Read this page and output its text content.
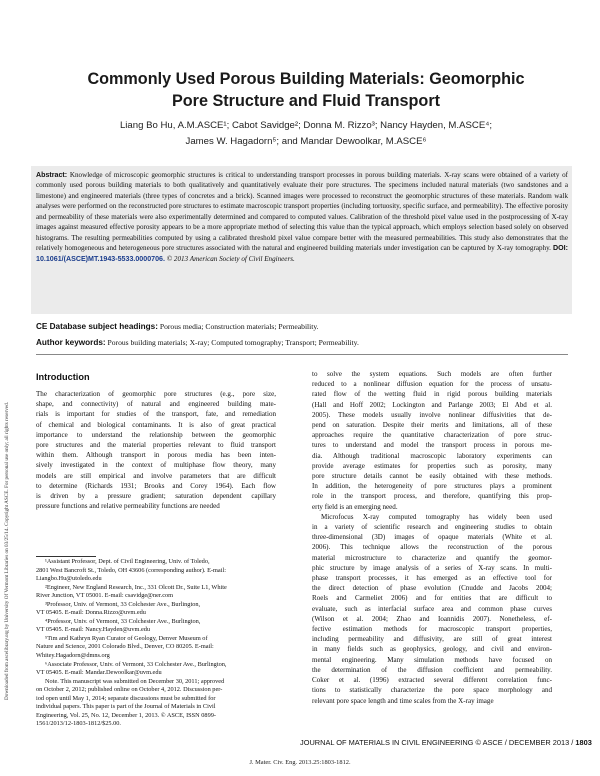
Downloaded from ascelibrary.org by University Of Vermont Libraries on 03/25/14. Copyright ASCE. For personal use only; all rights reserved.
Commonly Used Porous Building Materials: Geomorphic
Pore Structure and Fluid Transport
Liang Bo Hu, A.M.ASCE¹; Cabot Savidge²; Donna M. Rizzo³; Nancy Hayden, M.ASCE⁴;
James W. Hagadorn⁵; and Mandar Dewoolkar, M.ASCE⁶

Abstract: Knowledge of microscopic geomorphic structures is critical to understanding transport processes in porous building materials. X-ray scans were obtained of a variety of commonly used porous building materials to both qualitatively and quantitatively evaluate their pore structures. The specimens included natural materials (two sandstones and a limestone) and engineered materials (three types of concretes and a brick). Scanned images were processed to reconstruct the geomorphic structures of these materials. Random walk analyses were performed on the reconstructed pore structures to estimate macroscopic transport properties (including tortuosity, specific surface, and permeability). The effective porosity and permeability of these materials were also experimentally determined and compared to computed values. Calibration of the threshold pixel value used in the postprocessing of X-ray images against measured effective porosity appears to be a more appropriate method of selecting this value than the typical approach, which employs selection based solely on observed histograms. The resulting permeabilities computed by using a calibrated threshold pixel value compare better with the measured permeabilities. This study also demonstrates that the relatively homogeneous and heterogeneous pore structures associated with the natural and engineered building materials under investigation can be captured by X-ray tomography. DOI: 10.1061/(ASCE)MT.1943-5533.0000706. © 2013 American Society of Civil Engineers.

CE Database subject headings: Porous media; Construction materials; Permeability.
Author keywords: Porous building materials; X-ray; Computed tomography; Transport; Permeability.
Introduction

The characterization of geomorphic pore structures (e.g., pore size,
shape, and connectivity) of natural and engineered building mate-
rials is important for studies of the transport, fate, and remediation
of chemical and biological contaminants. It is also of great practical
importance to understand the relationship between the geomorphic
pore structures and the material properties relevant to fluid transport
within them. Although transport in porous media has been inten-
sively investigated in the context of multiphase flow theory, many
models are still empirical and involve parameters that are difficult
to determine (Richards 1931; Brooks and Corey 1964). Each flow
is driven by a pressure gradient; saturation dependent capillary
pressure functions and relative permeability functions are needed

¹Assistant Professor, Dept. of Civil Engineering, Univ. of Toledo,
2801 West Bancroft St., Toledo, OH 43606 (corresponding author). E-mail:
Liangbo.Hu@utoledo.edu

²Engineer, New England Research, Inc., 331 Olcott Dr., Suite L1, White
River Junction, VT 05001. E-mail: csavidge@ner.com

³Professor, Univ. of Vermont, 33 Colchester Ave., Burlington,
VT 05405. E-mail: Donna.Rizzo@uvm.edu

⁴Professor, Univ. of Vermont, 33 Colchester Ave., Burlington,
VT 05405. E-mail: Nancy.Hayden@uvm.edu

⁵Tim and Kathryn Ryan Curator of Geology, Denver Museum of
Nature and Science, 2001 Colorado Blvd., Denver, CO 80205. E-mail:
Whitey.Hagadorn@dmns.org

⁶Associate Professor, Univ. of Vermont, 33 Colchester Ave., Burlington,
VT 05405. E-mail: Mandar.Dewoolkar@uvm.edu

Note. This manuscript was submitted on December 30, 2011; approved
on October 2, 2012; published online on October 4, 2012. Discussion per-
iod open until May 1, 2014; separate discussions must be submitted for
individual papers. This paper is part of the Journal of Materials in Civil
Engineering, Vol. 25, No. 12, December 1, 2013. © ASCE, ISSN 0899-
1561/2013/12-1803-1812/$25.00.

to solve the system equations. Such models are often further
reduced to a nonlinear diffusion equation for the process of unsatu-
rated flow of the wetting fluid in rigid porous building materials
(Hall and Hoff 2002; Lockington and Parlange 2003; El Abd et al.
2005). These models usually involve nonlinear diffusivities that de-
pend on saturation. Despite their merits and limitations, all of these
approaches require the quantitative characterization of pore struc-
tures to understand and model the transport process in porous me-
dia. Although traditional macroscopic laboratory experiments can
provide average estimates for properties such as porosity, many
pore structure details cannot be easily obtained with these methods.
In addition, the heterogeneity of pore structures plays a prominent
role in the transport process, and therefore, quantifying this prop-
erty field is an emerging need.

Microfocus X-ray computed tomography has widely been used
in a variety of scientific research and engineering studies to obtain
three-dimensional (3D) images of opaque materials (White et al.
2006). This technique allows the reconstruction of the porous
material microstructure to characterize and quantify the geomor-
phic structure by image analysis of a series of X-ray scans. In multi-
phase transport processes, it has emerged as an effective tool for
the direct detection of phase evolution (Cnudde and Jacobs 2004;
Roels and Carmeliet 2006) and for entities that are difficult to
evaluate, such as interfacial surface area and common phase curves
(Wilson et al. 2004; Zhao and Ioannidis 2007). Nonetheless, ef-
fective estimation methods for macroscopic transport properties,
including permeability and diffusivity, are still of great interest
in many fields such as geophysics, geology, and civil and environ-
mental engineering. Many simulation methods have focused on
the determination of the diffusion coefficient and permeability.
Coker et al. (1996) extracted several different correlation func-
tions to statistically characterize the pore space morphology and
relevant pore space length and time scales from the X-ray image

JOURNAL OF MATERIALS IN CIVIL ENGINEERING © ASCE / DECEMBER 2013 / 1803
J. Mater. Civ. Eng. 2013.25:1803-1812.
